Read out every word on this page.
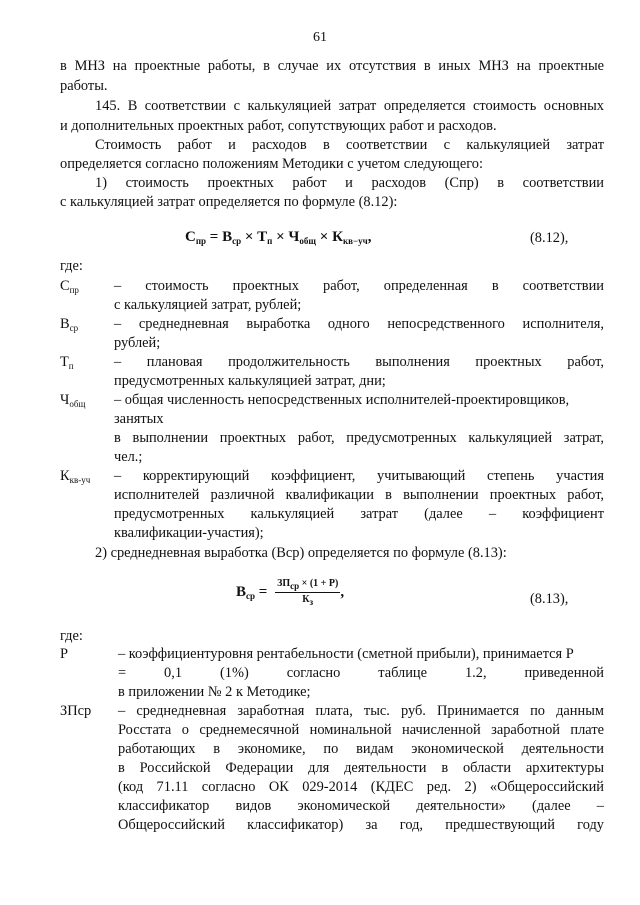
61
в МНЗ на проектные работы, в случае их отсутствия в иных МНЗ на проектные
работы.
145. В соответствии с калькуляцией затрат определяется стоимость основных
и дополнительных проектных работ, сопутствующих работ и расходов.
Стоимость работ и расходов в соответствии с калькуляцией затрат
определяется согласно положениям Методики с учетом следующего:
1) стоимость проектных работ и расходов (Спр) в соответствии
с калькуляцией затрат определяется по формуле (8.12):
$С_{пр} = В_{ср} \times Т_п \times Ч_{общ} \times К_{кв-уч}$,	(8.12),
где:
$С_{пр}$ – стоимость проектных работ, определенная в соответствии
с калькуляцией затрат, рублей;
$В_{ср}$ – среднедневная выработка одного непосредственного исполнителя,
рублей;
$Т_п$	– плановая продолжительность выполнения проектных работ,
предусмотренных калькуляцией затрат, дни;
$Ч_{общ}$ – общая численность непосредственных исполнителей-проектировщиков,
занятых
в выполнении проектных работ, предусмотренных калькуляцией затрат,
чел.;
$К_{кв-уч}$ – корректирующий коэффициент, учитывающий степень участия
исполнителей различной квалификации в выполнении проектных работ,
предусмотренных калькуляцией затрат (далее – коэффициент
квалификации-участия);
2) среднедневная выработка (Вср) определяется по формуле (8.13):
$В_{ср} = \frac{\text{ЗПср × (1 + Р)}}{Кз}$ ,	(8.13),
где:
Р	– коэффициентуровня рентабельности (сметной прибыли), принимается Р
= 0,1 (1%) согласно таблице 1.2, приведенной
в приложении № 2 к Методике;
ЗПср – среднедневная заработная плата, тыс. руб. Принимается по данным
Росстата о среднемесячной номинальной начисленной заработной плате
работающих в экономике, по видам экономической деятельности
в Российской Федерации для деятельности в области архитектуры
(код 71.11 согласно ОК 029-2014 (КДЕС ред. 2) «Общероссийский
классификатор видов экономической деятельности» (далее –
Общероссийский классификатор) за год, предшествующий году
